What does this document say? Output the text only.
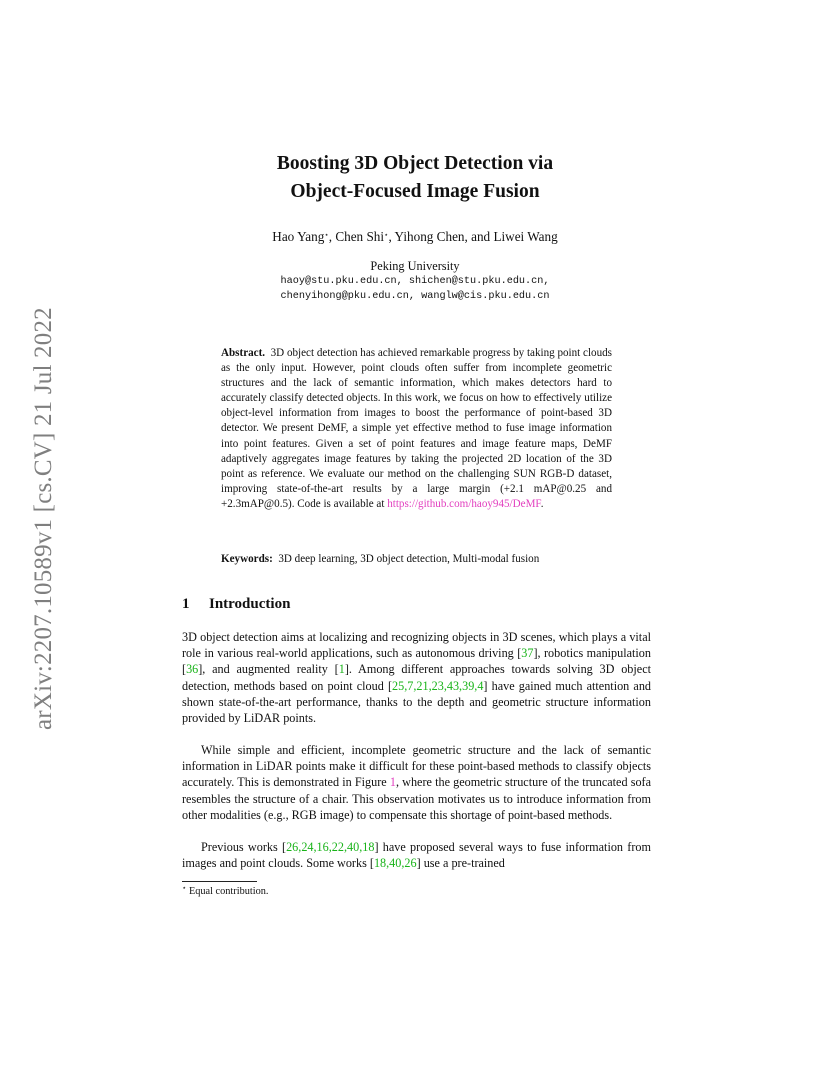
arXiv:2207.10589v1 [cs.CV] 21 Jul 2022
Boosting 3D Object Detection via
Object-Focused Image Fusion
Hao Yang⋆, Chen Shi⋆, Yihong Chen, and Liwei Wang
Peking University
haoy@stu.pku.edu.cn, shichen@stu.pku.edu.cn,
chenyihong@pku.edu.cn, wanglw@cis.pku.edu.cn
Abstract. 3D object detection has achieved remarkable progress by taking point clouds as the only input. However, point clouds often suffer from incomplete geometric structures and the lack of semantic information, which makes detectors hard to accurately classify detected objects. In this work, we focus on how to effectively utilize object-level information from images to boost the performance of point-based 3D detector. We present DeMF, a simple yet effective method to fuse image information into point features. Given a set of point features and image feature maps, DeMF adaptively aggregates image features by taking the projected 2D location of the 3D point as reference. We evaluate our method on the challenging SUN RGB-D dataset, improving state-of-the-art results by a large margin (+2.1 mAP@0.25 and +2.3mAP@0.5). Code is available at https://github.com/haoy945/DeMF.
Keywords: 3D deep learning, 3D object detection, Multi-modal fusion
1 Introduction
3D object detection aims at localizing and recognizing objects in 3D scenes, which plays a vital role in various real-world applications, such as autonomous driving [37], robotics manipulation [36], and augmented reality [1]. Among different approaches towards solving 3D object detection, methods based on point cloud [25,7,21,23,43,39,4] have gained much attention and shown state-of-the-art performance, thanks to the depth and geometric structure information provided by LiDAR points.
While simple and efficient, incomplete geometric structure and the lack of semantic information in LiDAR points make it difficult for these point-based methods to classify objects accurately. This is demonstrated in Figure 1, where the geometric structure of the truncated sofa resembles the structure of a chair. This observation motivates us to introduce information from other modalities (e.g., RGB image) to compensate this shortage of point-based methods.
Previous works [26,24,16,22,40,18] have proposed several ways to fuse information from images and point clouds. Some works [18,40,26] use a pre-trained
⋆ Equal contribution.
